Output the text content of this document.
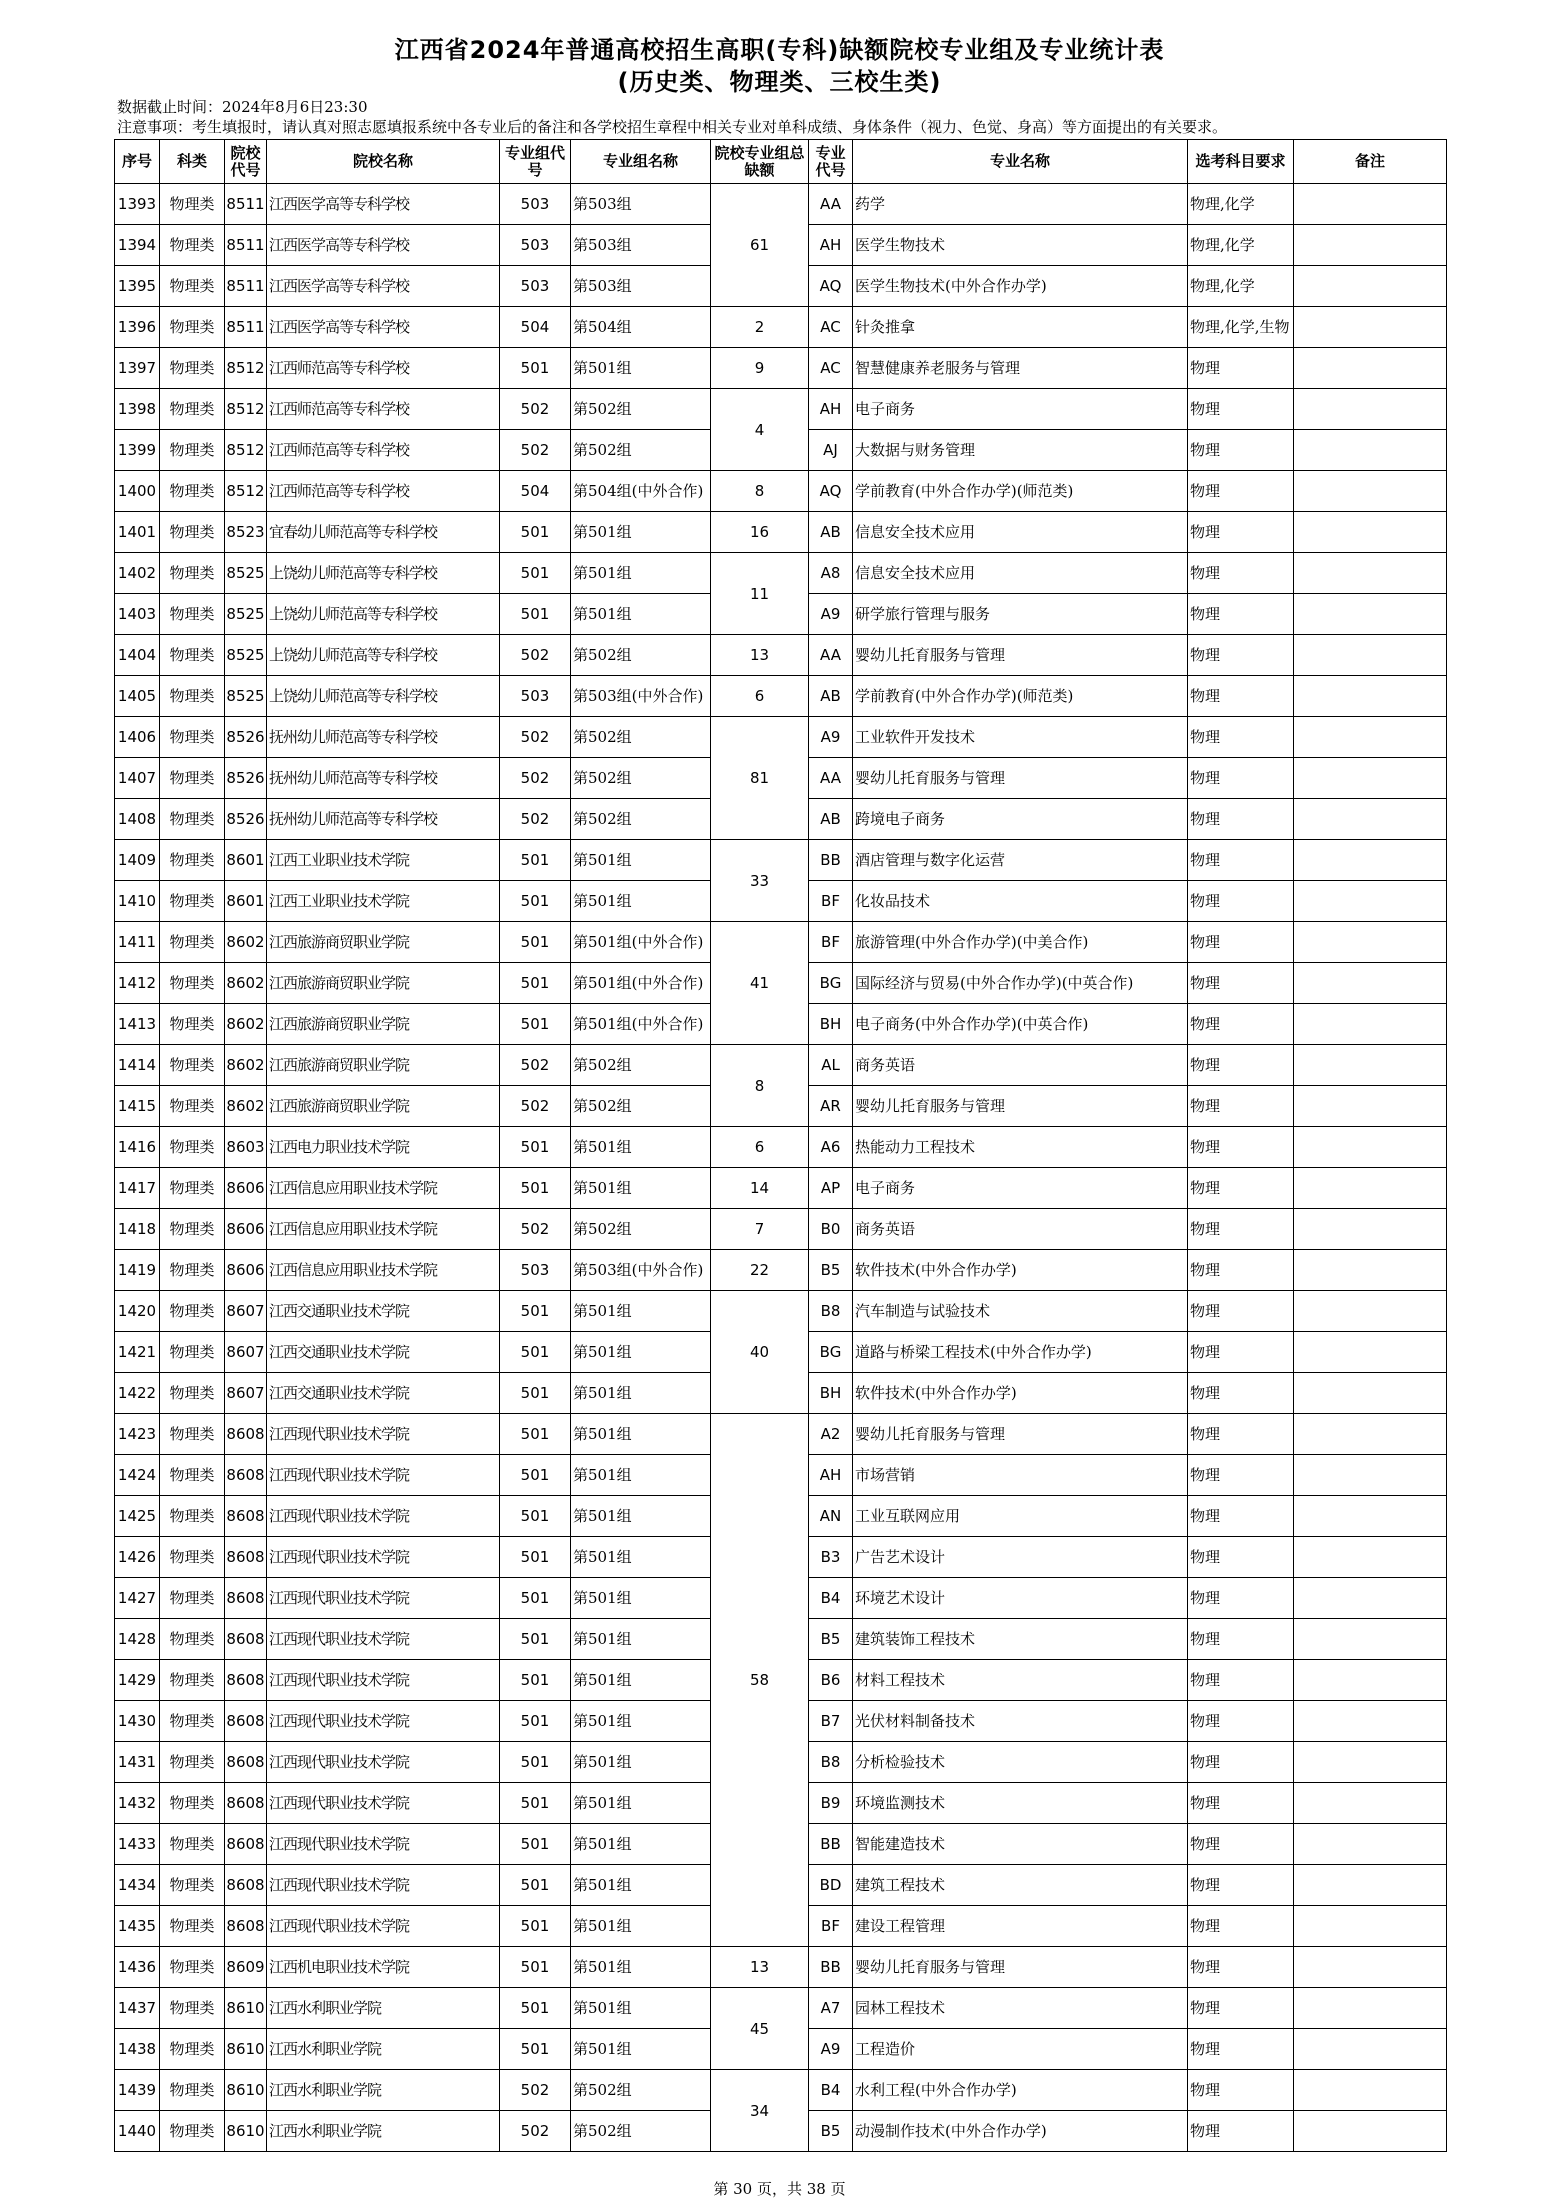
江西省2024年普通高校招生高职(专科)缺额院校专业组及专业统计表
(历史类、物理类、三校生类)
数据截止时间：2024年8月6日23:30
注意事项：考生填报时，请认真对照志愿填报系统中各专业后的备注和各学校招生章程中相关专业对单科成绩、身体条件（视力、色觉、身高）等方面提出的有关要求。
序号	科类	院校代号	院校名称	专业组代号	专业组名称	院校专业组总缺额	专业代号	专业名称	选考科目要求	备注
1393	物理类	8511	江西医学高等专科学校	503	第503组	61	AA	药学	物理,化学	
1394	物理类	8511	江西医学高等专科学校	503	第503组		AH	医学生物技术	物理,化学	
1395	物理类	8511	江西医学高等专科学校	503	第503组		AQ	医学生物技术(中外合作办学)	物理,化学	
1396	物理类	8511	江西医学高等专科学校	504	第504组	2	AC	针灸推拿	物理,化学,生物	
1397	物理类	8512	江西师范高等专科学校	501	第501组	9	AC	智慧健康养老服务与管理	物理	
1398	物理类	8512	江西师范高等专科学校	502	第502组	4	AH	电子商务	物理	
1399	物理类	8512	江西师范高等专科学校	502	第502组		AJ	大数据与财务管理	物理	
1400	物理类	8512	江西师范高等专科学校	504	第504组(中外合作)	8	AQ	学前教育(中外合作办学)(师范类)	物理	
1401	物理类	8523	宜春幼儿师范高等专科学校	501	第501组	16	AB	信息安全技术应用	物理	
1402	物理类	8525	上饶幼儿师范高等专科学校	501	第501组	11	A8	信息安全技术应用	物理	
1403	物理类	8525	上饶幼儿师范高等专科学校	501	第501组		A9	研学旅行管理与服务	物理	
1404	物理类	8525	上饶幼儿师范高等专科学校	502	第502组	13	AA	婴幼儿托育服务与管理	物理	
1405	物理类	8525	上饶幼儿师范高等专科学校	503	第503组(中外合作)	6	AB	学前教育(中外合作办学)(师范类)	物理	
1406	物理类	8526	抚州幼儿师范高等专科学校	502	第502组	81	A9	工业软件开发技术	物理	
1407	物理类	8526	抚州幼儿师范高等专科学校	502	第502组		AA	婴幼儿托育服务与管理	物理	
1408	物理类	8526	抚州幼儿师范高等专科学校	502	第502组		AB	跨境电子商务	物理	
1409	物理类	8601	江西工业职业技术学院	501	第501组	33	BB	酒店管理与数字化运营	物理	
1410	物理类	8601	江西工业职业技术学院	501	第501组		BF	化妆品技术	物理	
1411	物理类	8602	江西旅游商贸职业学院	501	第501组(中外合作)	41	BF	旅游管理(中外合作办学)(中美合作)	物理	
1412	物理类	8602	江西旅游商贸职业学院	501	第501组(中外合作)		BG	国际经济与贸易(中外合作办学)(中英合作)	物理	
1413	物理类	8602	江西旅游商贸职业学院	501	第501组(中外合作)		BH	电子商务(中外合作办学)(中英合作)	物理	
1414	物理类	8602	江西旅游商贸职业学院	502	第502组	8	AL	商务英语	物理	
1415	物理类	8602	江西旅游商贸职业学院	502	第502组		AR	婴幼儿托育服务与管理	物理	
1416	物理类	8603	江西电力职业技术学院	501	第501组	6	A6	热能动力工程技术	物理	
1417	物理类	8606	江西信息应用职业技术学院	501	第501组	14	AP	电子商务	物理	
1418	物理类	8606	江西信息应用职业技术学院	502	第502组	7	B0	商务英语	物理	
1419	物理类	8606	江西信息应用职业技术学院	503	第503组(中外合作)	22	B5	软件技术(中外合作办学)	物理	
1420	物理类	8607	江西交通职业技术学院	501	第501组	40	B8	汽车制造与试验技术	物理	
1421	物理类	8607	江西交通职业技术学院	501	第501组		BG	道路与桥梁工程技术(中外合作办学)	物理	
1422	物理类	8607	江西交通职业技术学院	501	第501组		BH	软件技术(中外合作办学)	物理	
1423	物理类	8608	江西现代职业技术学院	501	第501组	58	A2	婴幼儿托育服务与管理	物理	
1424	物理类	8608	江西现代职业技术学院	501	第501组		AH	市场营销	物理	
1425	物理类	8608	江西现代职业技术学院	501	第501组		AN	工业互联网应用	物理	
1426	物理类	8608	江西现代职业技术学院	501	第501组		B3	广告艺术设计	物理	
1427	物理类	8608	江西现代职业技术学院	501	第501组		B4	环境艺术设计	物理	
1428	物理类	8608	江西现代职业技术学院	501	第501组		B5	建筑装饰工程技术	物理	
1429	物理类	8608	江西现代职业技术学院	501	第501组		B6	材料工程技术	物理	
1430	物理类	8608	江西现代职业技术学院	501	第501组		B7	光伏材料制备技术	物理	
1431	物理类	8608	江西现代职业技术学院	501	第501组		B8	分析检验技术	物理	
1432	物理类	8608	江西现代职业技术学院	501	第501组		B9	环境监测技术	物理	
1433	物理类	8608	江西现代职业技术学院	501	第501组		BB	智能建造技术	物理	
1434	物理类	8608	江西现代职业技术学院	501	第501组		BD	建筑工程技术	物理	
1435	物理类	8608	江西现代职业技术学院	501	第501组		BF	建设工程管理	物理	
1436	物理类	8609	江西机电职业技术学院	501	第501组	13	BB	婴幼儿托育服务与管理	物理	
1437	物理类	8610	江西水利职业学院	501	第501组	45	A7	园林工程技术	物理	
1438	物理类	8610	江西水利职业学院	501	第501组		A9	工程造价	物理	
1439	物理类	8610	江西水利职业学院	502	第502组	34	B4	水利工程(中外合作办学)	物理	
1440	物理类	8610	江西水利职业学院	502	第502组		B5	动漫制作技术(中外合作办学)	物理	
第 30 页，共 38 页
